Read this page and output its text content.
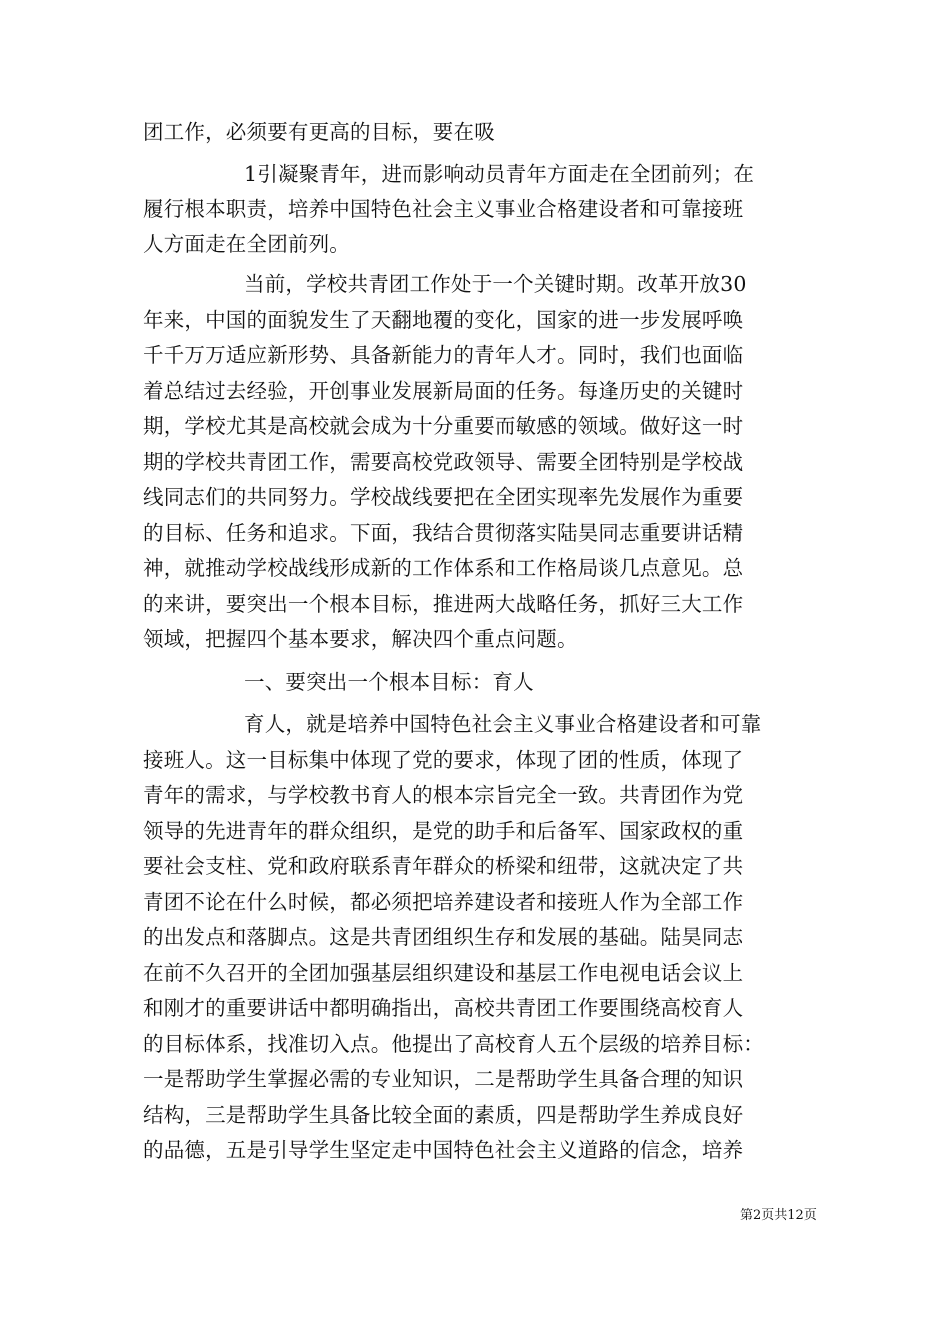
团工作，必须要有更高的目标，要在吸
1引凝聚青年，进而影响动员青年方面走在全团前列；在
履行根本职责，培养中国特色社会主义事业合格建设者和可靠接班
人方面走在全团前列。
当前，学校共青团工作处于一个关键时期。改革开放30
年来，中国的面貌发生了天翻地覆的变化，国家的进一步发展呼唤
千千万万适应新形势、具备新能力的青年人才。同时，我们也面临
着总结过去经验，开创事业发展新局面的任务。每逢历史的关键时
期，学校尤其是高校就会成为十分重要而敏感的领域。做好这一时
期的学校共青团工作，需要高校党政领导、需要全团特别是学校战
线同志们的共同努力。学校战线要把在全团实现率先发展作为重要
的目标、任务和追求。下面，我结合贯彻落实陆昊同志重要讲话精
神，就推动学校战线形成新的工作体系和工作格局谈几点意见。总
的来讲，要突出一个根本目标，推进两大战略任务，抓好三大工作
领域，把握四个基本要求，解决四个重点问题。
一、要突出一个根本目标：育人
育人，就是培养中国特色社会主义事业合格建设者和可靠
接班人。这一目标集中体现了党的要求，体现了团的性质，体现了
青年的需求，与学校教书育人的根本宗旨完全一致。共青团作为党
领导的先进青年的群众组织，是党的助手和后备军、国家政权的重
要社会支柱、党和政府联系青年群众的桥梁和纽带，这就决定了共
青团不论在什么时候，都必须把培养建设者和接班人作为全部工作
的出发点和落脚点。这是共青团组织生存和发展的基础。陆昊同志
在前不久召开的全团加强基层组织建设和基层工作电视电话会议上
和刚才的重要讲话中都明确指出，高校共青团工作要围绕高校育人
的目标体系，找准切入点。他提出了高校育人五个层级的培养目标：
一是帮助学生掌握必需的专业知识，二是帮助学生具备合理的知识
结构，三是帮助学生具备比较全面的素质，四是帮助学生养成良好
的品德，五是引导学生坚定走中国特色社会主义道路的信念，培养
第2页共12页
